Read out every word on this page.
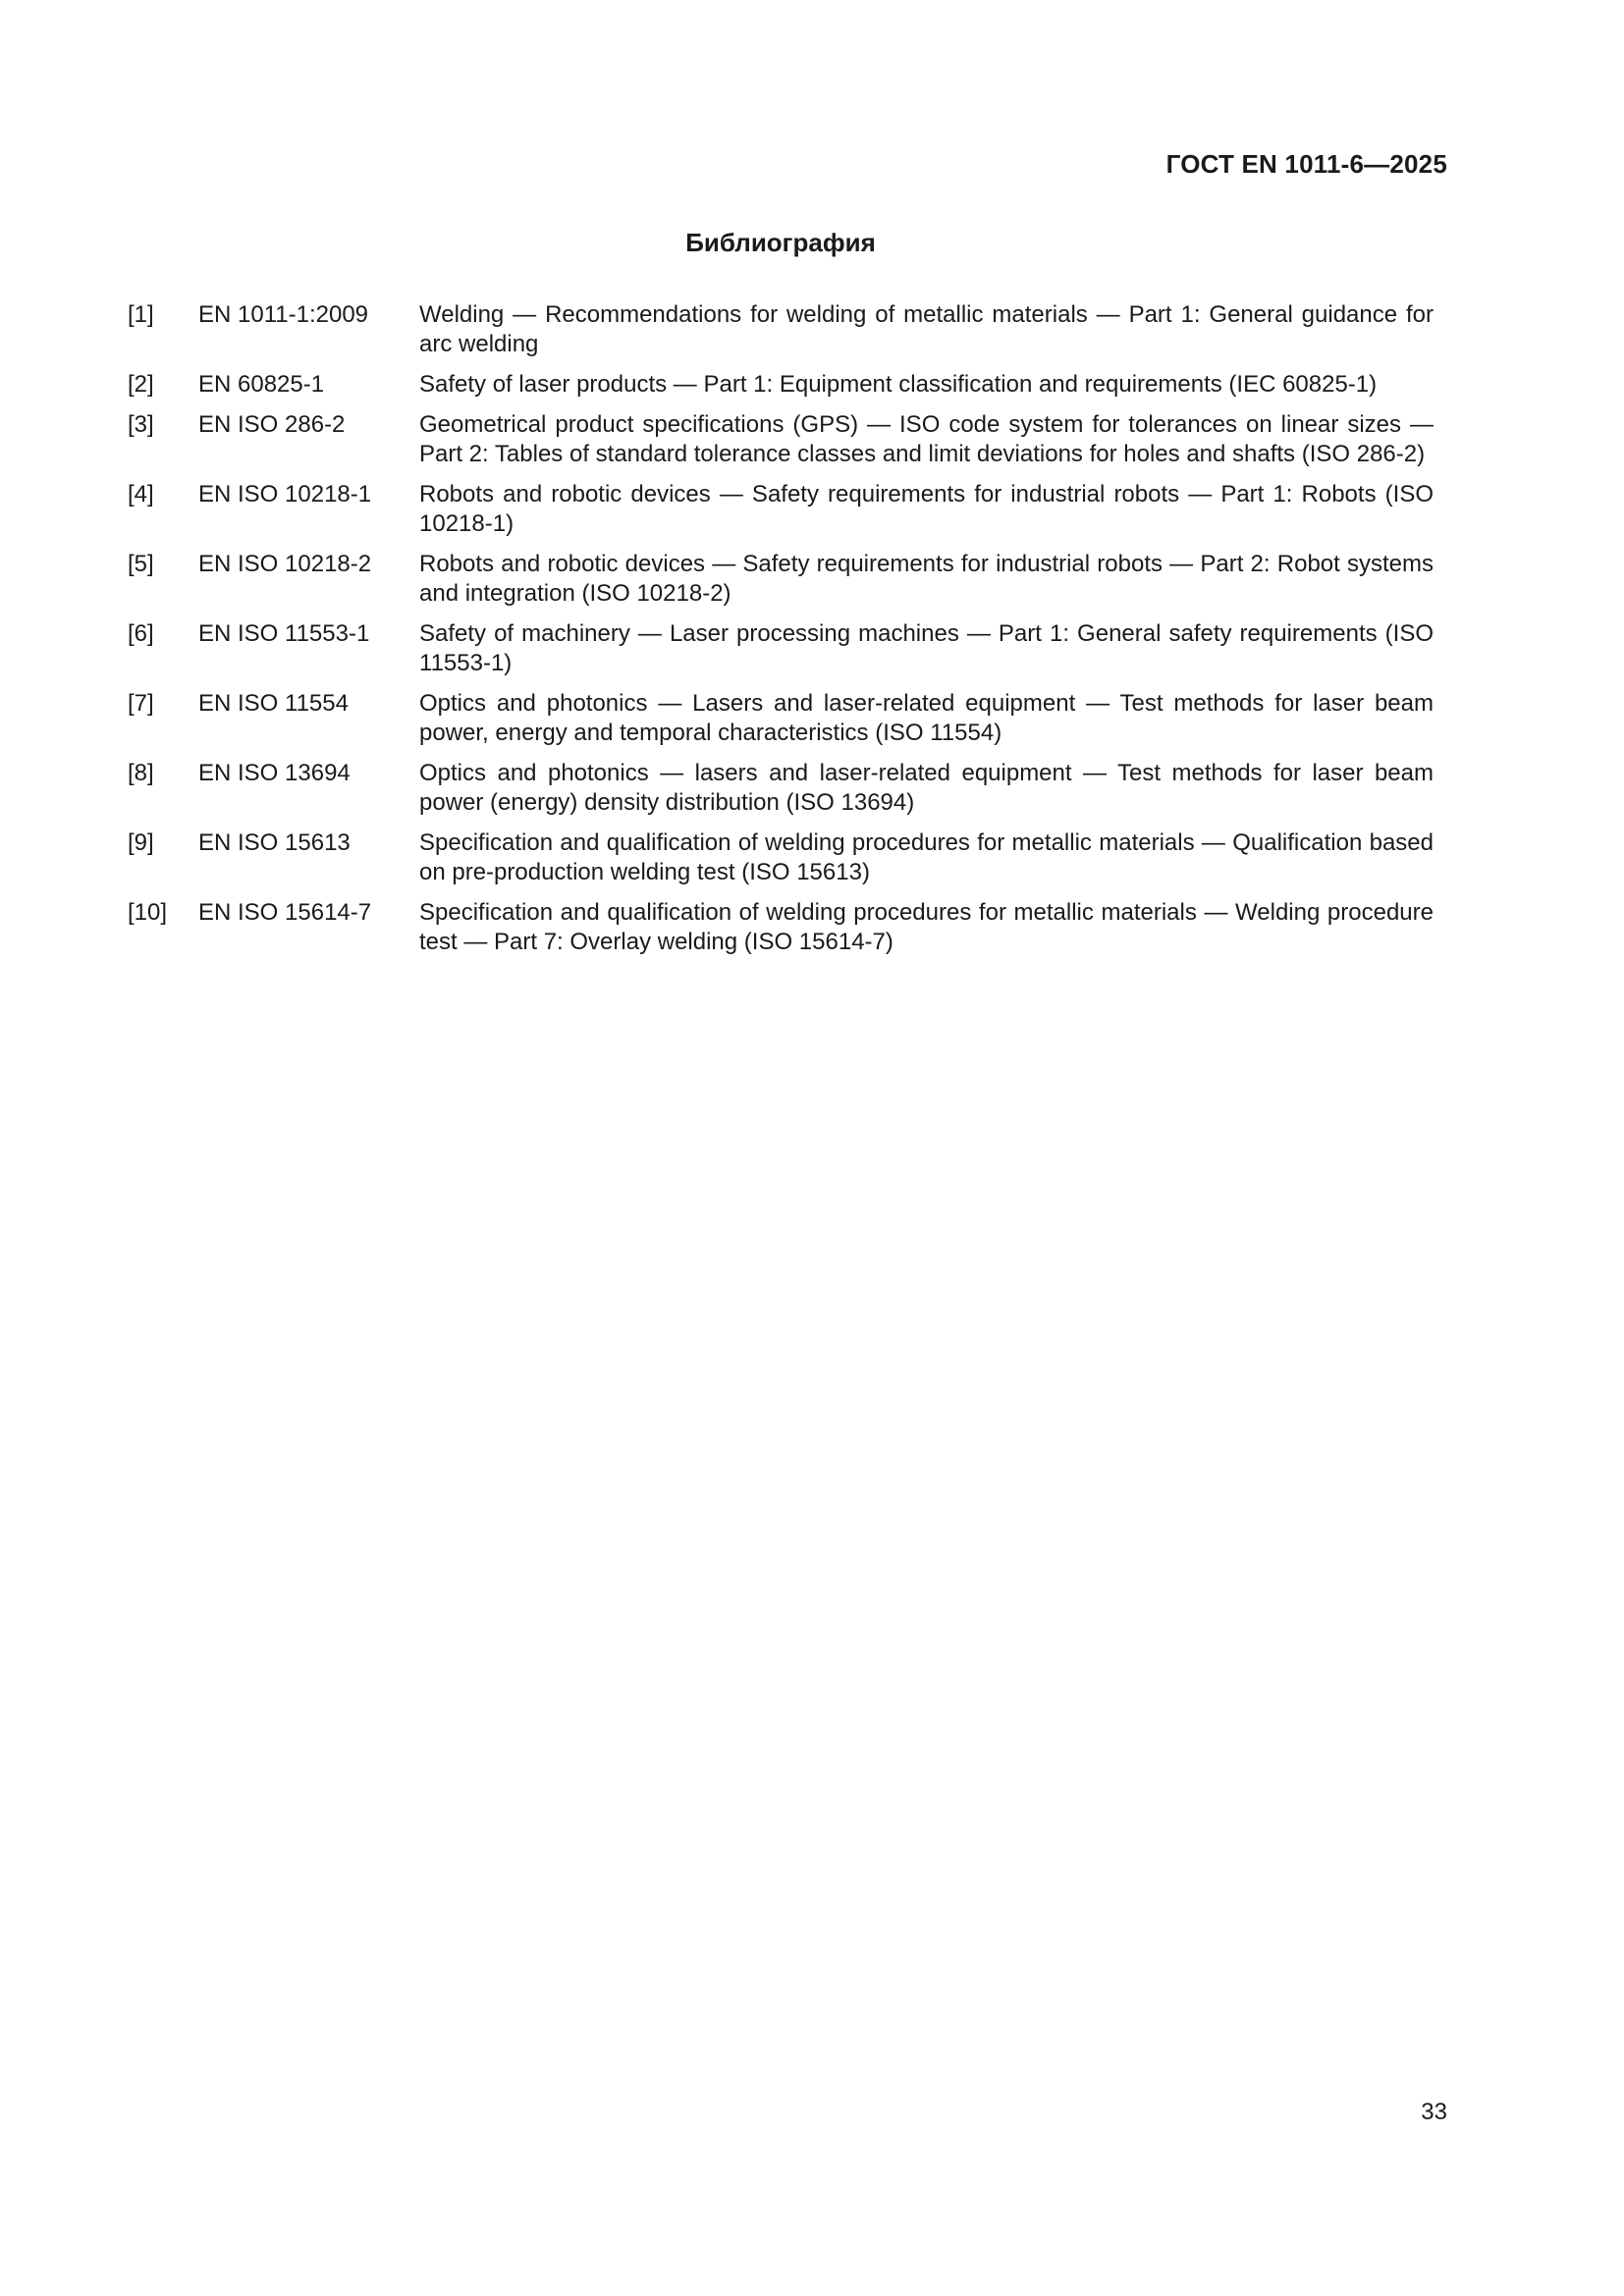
ГОСТ EN 1011-6—2025
Библиография
[1]	EN 1011-1:2009	Welding — Recommendations for welding of metallic materials — Part 1: General guidance for arc welding
[2]	EN 60825-1	Safety of laser products — Part 1: Equipment classification and requirements (IEC 60825-1)
[3]	EN ISO 286-2	Geometrical product specifications (GPS) — ISO code system for tolerances on linear sizes — Part 2: Tables of standard tolerance classes and limit deviations for holes and shafts (ISO 286-2)
[4]	EN ISO 10218-1	Robots and robotic devices — Safety requirements for industrial robots — Part 1: Robots (ISO 10218-1)
[5]	EN ISO 10218-2	Robots and robotic devices — Safety requirements for industrial robots — Part 2: Robot systems and integration (ISO 10218-2)
[6]	EN ISO 11553-1	Safety of machinery — Laser processing machines — Part 1: General safety requirements (ISO 11553-1)
[7]	EN ISO 11554	Optics and photonics — Lasers and laser-related equipment — Test methods for laser beam power, energy and temporal characteristics (ISO 11554)
[8]	EN ISO 13694	Optics and photonics — lasers and laser-related equipment — Test methods for laser beam power (energy) density distribution (ISO 13694)
[9]	EN ISO 15613	Specification and qualification of welding procedures for metallic materials — Qualification based on pre-production welding test (ISO 15613)
[10]	EN ISO 15614-7	Specification and qualification of welding procedures for metallic materials — Welding procedure test — Part 7: Overlay welding (ISO 15614-7)
33
